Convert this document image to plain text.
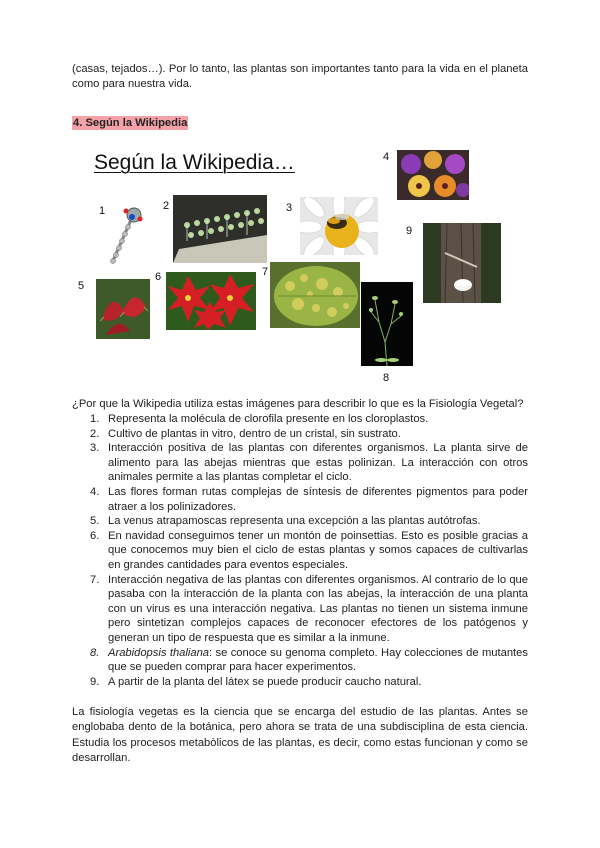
(casas, tejados…). Por lo tanto, las plantas son importantes tanto para la vida en el planeta como para nuestra vida.

4. Según la Wikipedia
Según la Wikipedia…
1	2	3
4
5
6	7
8
9
¿Por que la Wikipedia utiliza estas imágenes para describir lo que es la Fisiología Vegetal?
1. Representa la molécula de clorofila presente en los cloroplastos.
2. Cultivo de plantas in vitro, dentro de un cristal, sin sustrato.
3. Interacción positiva de las plantas con diferentes organismos. La planta sirve de alimento para las abejas mientras que estas polinizan. La interacción con otros animales permite a las plantas completar el ciclo.
4. Las flores forman rutas complejas de síntesis de diferentes pigmentos para poder atraer a los polinizadores.
5. La venus atrapamoscas representa una excepción a las plantas autótrofas.
6. En navidad conseguimos tener un montón de poinsettias. Esto es posible gracias a que conocemos muy bien el ciclo de estas plantas y somos capaces de cultivarlas en grandes cantidades para eventos especiales.
7. Interacción negativa de las plantas con diferentes organismos. Al contrario de lo que pasaba con la interacción de la planta con las abejas, la interacción de una planta con un virus es una interacción negativa. Las plantas no tienen un sistema inmune pero sintetizan complejos capaces de reconocer efectores de los patógenos y generan un tipo de respuesta que es similar a la inmune.
8. Arabidopsis thaliana: se conoce su genoma completo. Hay colecciones de mutantes que se pueden comprar para hacer experimentos.
9. A partir de la planta del látex se puede producir caucho natural.

La fisiología vegetas es la ciencia que se encarga del estudio de las plantas. Antes se englobaba dento de la botánica, pero ahora se trata de una subdisciplina de esta ciencia. Estudia los procesos metabòlicos de las plantas, es decir, como estas funcionan y como se desarrollan.
